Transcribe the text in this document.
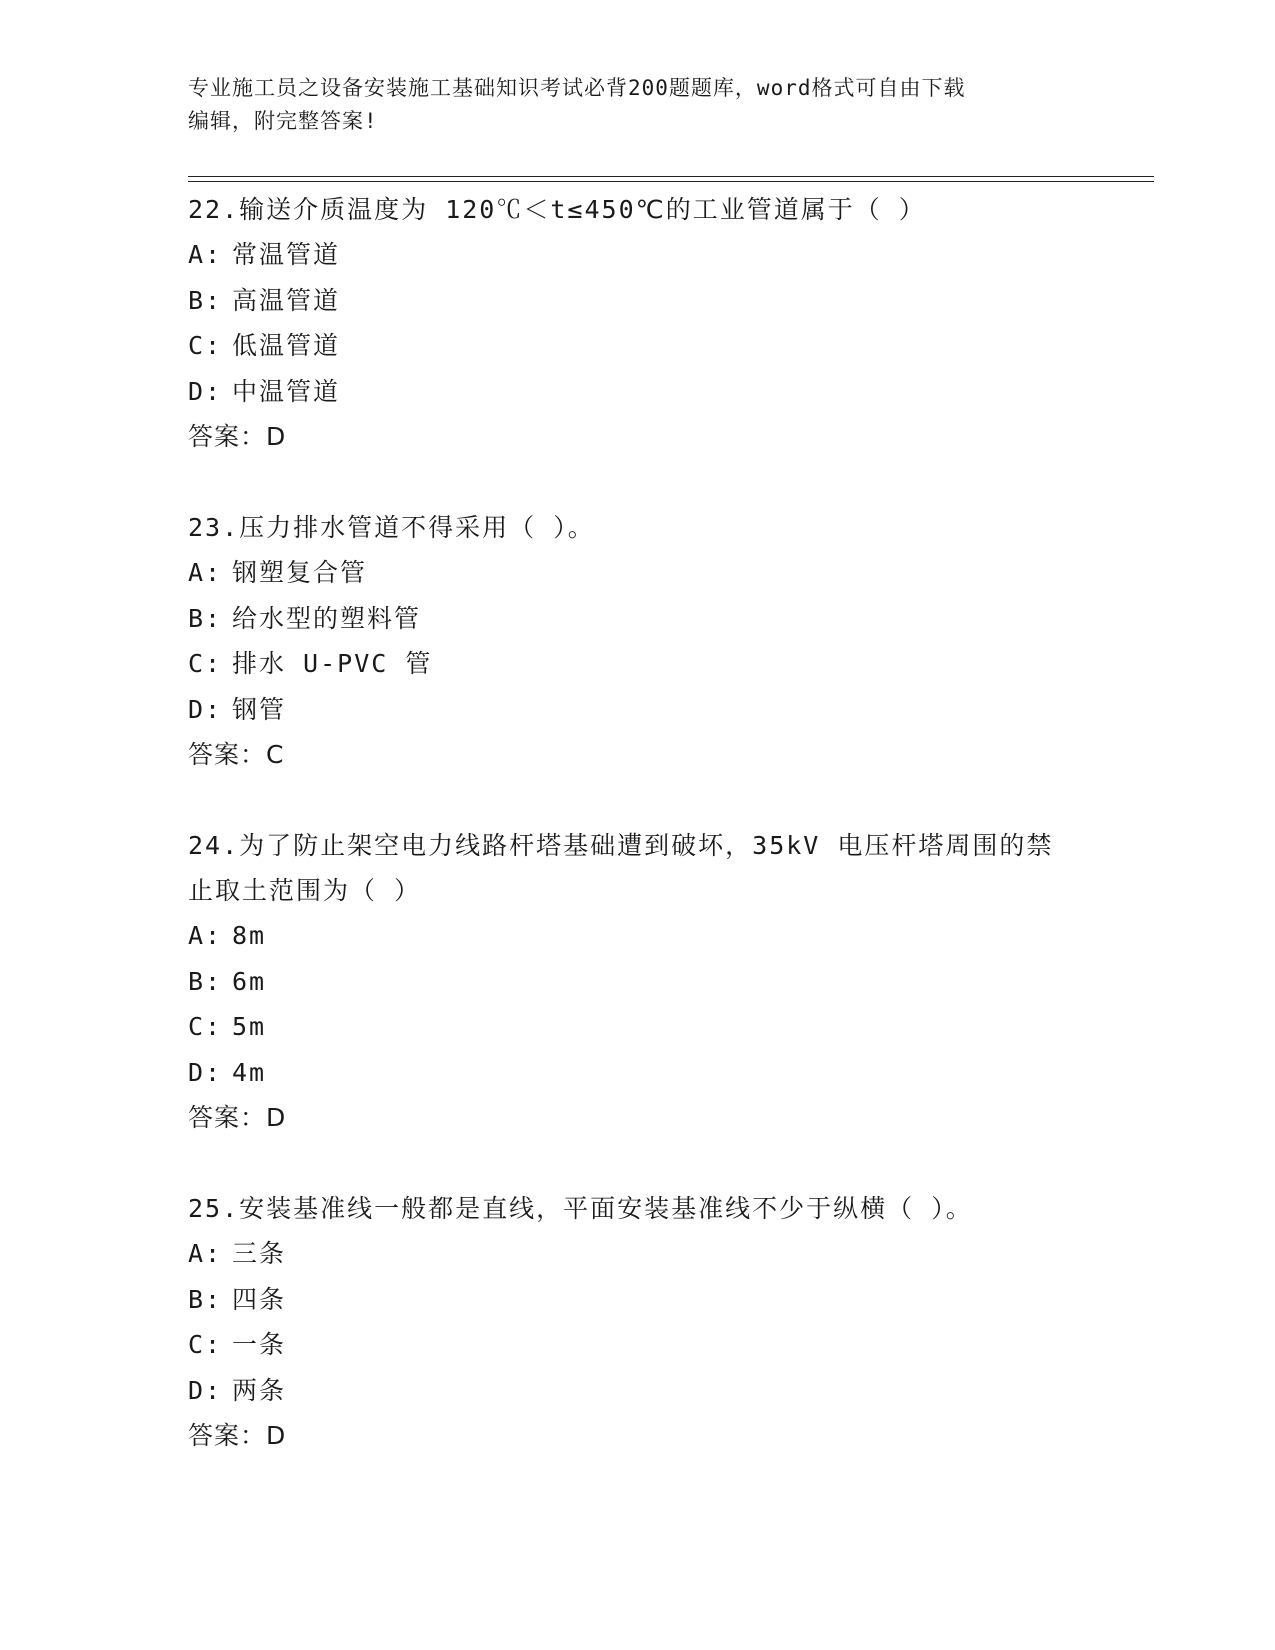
专业施工员之设备安装施工基础知识考试必背200题题库，word格式可自由下载
编辑，附完整答案!
22.输送介质温度为 120℃＜t≤450℃的工业管道属于（ ）
A: 常温管道
B: 高温管道
C: 低温管道
D: 中温管道
答案：D
23.压力排水管道不得采用（ ）。
A: 钢塑复合管
B: 给水型的塑料管
C: 排水 U-PVC 管
D: 钢管
答案：C
24.为了防止架空电力线路杆塔基础遭到破坏，35kV 电压杆塔周围的禁
止取土范围为（ ）
A: 8m
B: 6m
C: 5m
D: 4m
答案：D
25.安装基准线一般都是直线，平面安装基准线不少于纵横（ ）。
A: 三条
B: 四条
C: 一条
D: 两条
答案：D
